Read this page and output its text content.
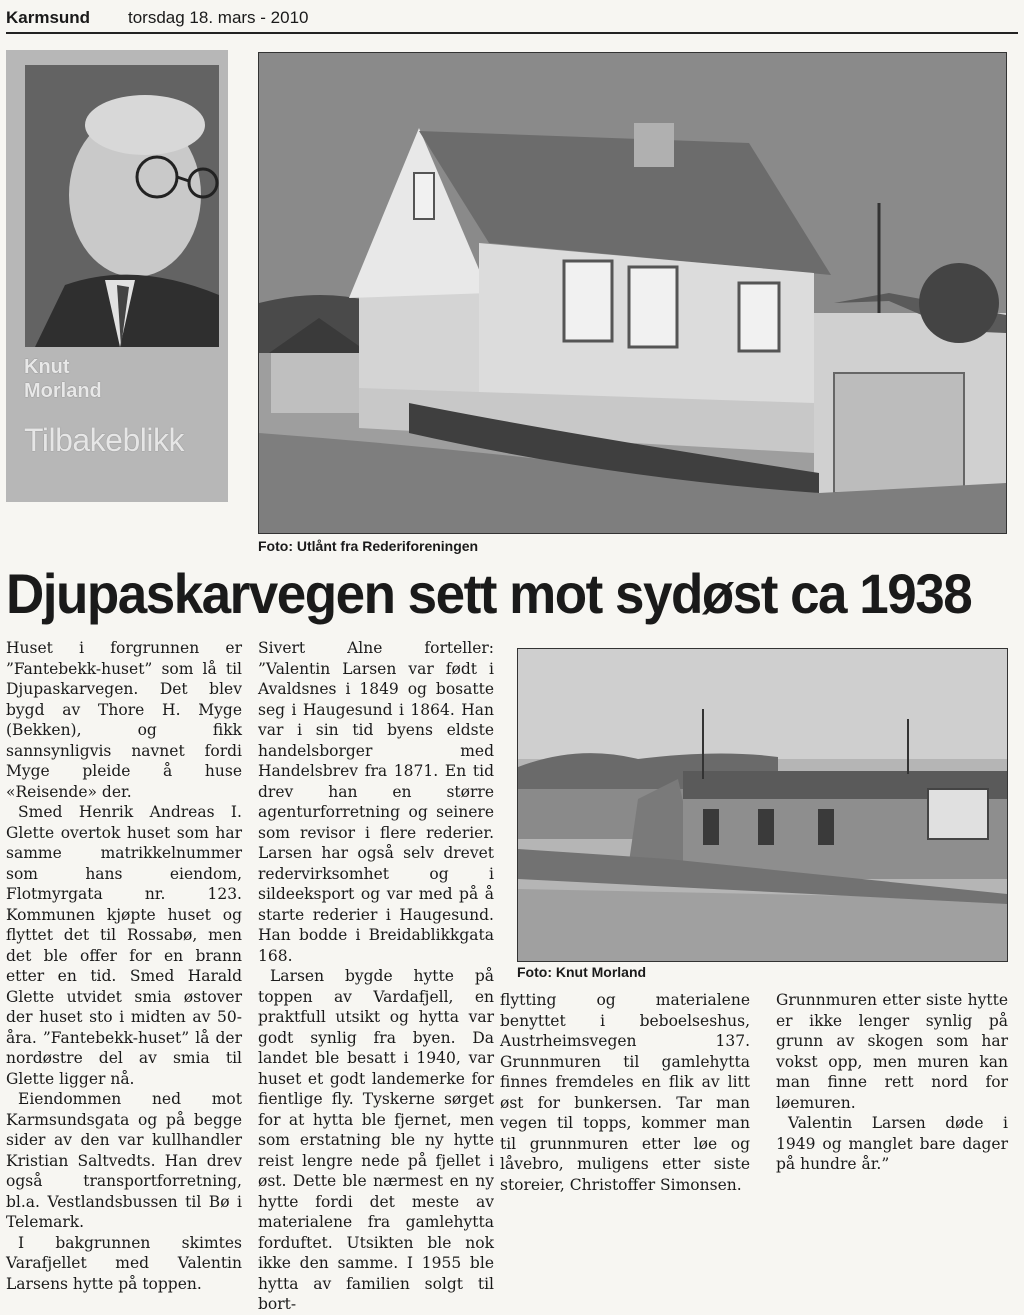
Karmsund torsdag 18. mars - 2010
Knut
Morland
Tilbakeblikk
Foto: Utlånt fra Rederiforeningen
Djupaskarvegen sett mot sydøst ca 1938

Huset i forgrunnen er ”Fantebekk-huset” som lå til Djupaskarvegen. Det blev bygd av Thore H. Myge (Bekken), og fikk sannsynligvis navnet fordi Myge pleide å huse «Reisende» der.

Smed Henrik Andreas I. Glette overtok huset som har samme matrikkelnummer som hans eiendom, Flotmyrgata nr. 123. Kommunen kjøpte huset og flyttet det til Rossabø, men det ble offer for en brann etter en tid. Smed Harald Glette utvidet smia østover der huset sto i midten av 50-åra. ”Fantebekk-huset” lå der nordøstre del av smia til Glette ligger nå.

Eiendommen ned mot Karmsundsgata og på begge sider av den var kullhandler Kristian Saltvedts. Han drev også transportforretning, bl.a. Vestlandsbussen til Bø i Telemark.

I bakgrunnen skimtes Varafjellet med Valentin Larsens hytte på toppen.

Sivert Alne forteller: ”Valentin Larsen var født i Avaldsnes i 1849 og bosatte seg i Haugesund i 1864. Han var i sin tid byens eldste handelsborger med Handelsbrev fra 1871. En tid drev han en større agenturforretning og seinere som revisor i flere rederier. Larsen har også selv drevet redervirksomhet og i sildeeksport og var med på å starte rederier i Haugesund. Han bodde i Breidablikkgata 168.

Larsen bygde hytte på toppen av Vardafjell, en praktfull utsikt og hytta var godt synlig fra byen. Da landet ble besatt i 1940, var huset et godt landemerke for fientlige fly. Tyskerne sørget for at hytta ble fjernet, men som erstatning ble ny hytte reist lengre nede på fjellet i øst. Dette ble nærmest en ny hytte fordi det meste av materialene fra gamlehytta forduftet. Utsikten ble nok ikke den samme. I 1955 ble hytta av familien solgt til bort-

Foto: Knut Morland

flytting og materialene benyttet i beboelseshus, Austrheimsvegen 137. Grunnmuren til gamlehytta finnes fremdeles en flik av litt øst for bunkersen. Tar man vegen til topps, kommer man til grunnmuren etter løe og låvebro, muligens etter siste storeier, Christoffer Simonsen.

Grunnmuren etter siste hytte er ikke lenger synlig på grunn av skogen som har vokst opp, men muren kan man finne rett nord for løemuren.

Valentin Larsen døde i 1949 og manglet bare dager på hundre år.”
